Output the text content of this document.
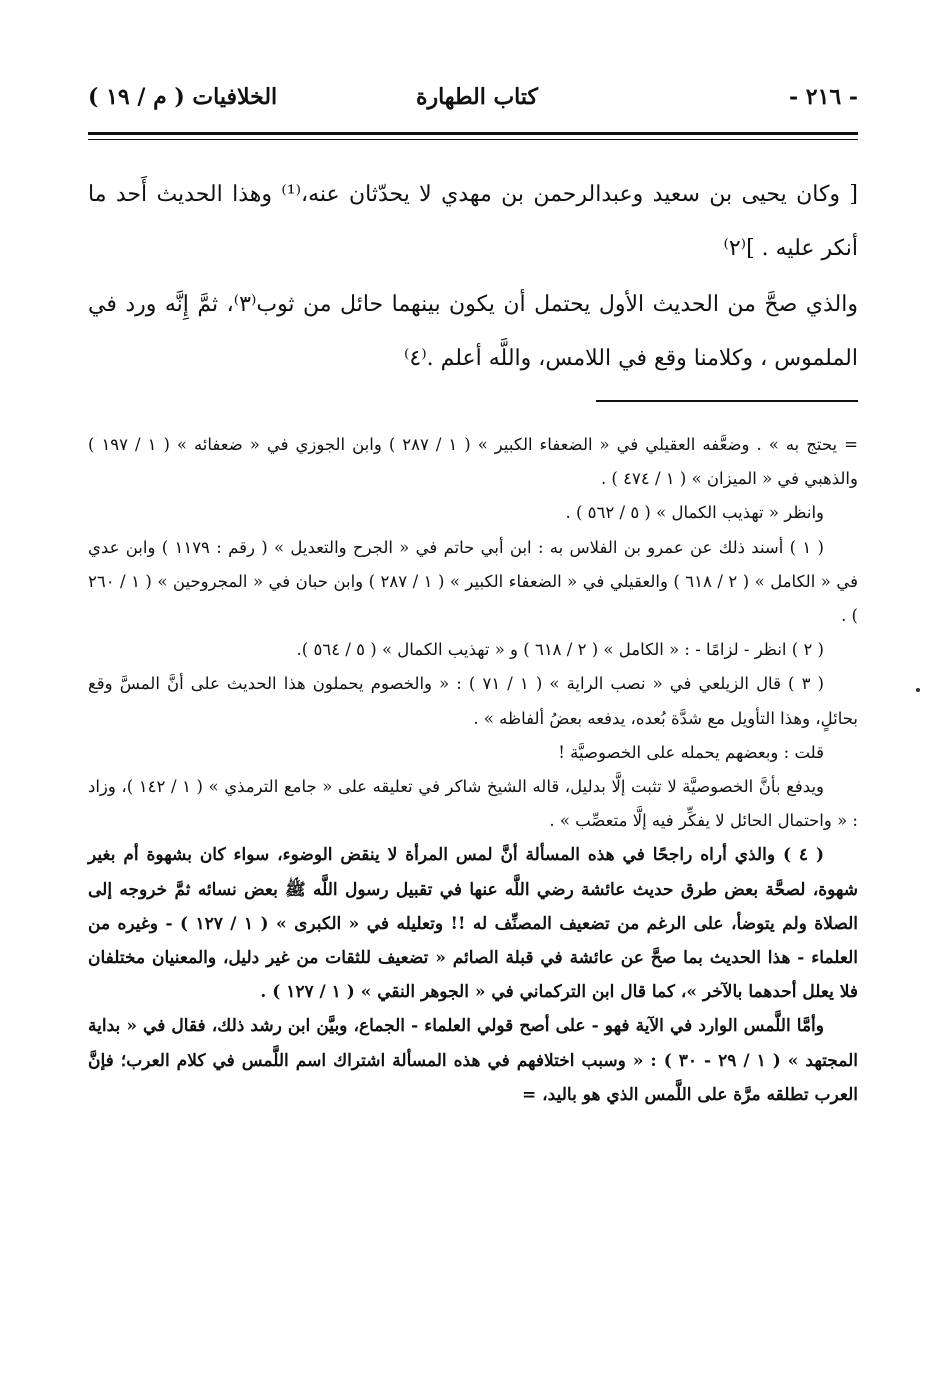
- ٢١٦ -
كتاب الطهارة
الخلافيات ( م / ١٩ )

[ وكان يحيى بن سعيد وعبدالرحمن بن مهدي لا يحدّثان عنه،⁽¹⁾ وهذا الحديث أَحد ما أنكر عليه . ]⁽٢⁾

والذي صحَّ من الحديث الأول يحتمل أن يكون بينهما حائل من ثوب⁽٣⁾، ثمَّ إِنَّه ورد في الملموس ، وكلامنا وقع في اللامس، واللَّه أعلم .⁽٤⁾

= يحتج به » . وضعَّفه العقيلي في « الضعفاء الكبير » ( ١ / ٢٨٧ ) وابن الجوزي في « ضعفائه » ( ١ / ١٩٧ ) والذهبي في « الميزان » ( ١ / ٤٧٤ ) .

وانظر « تهذيب الكمال » ( ٥ / ٥٦٢ ) .

( ١ ) أسند ذلك عن عمرو بن الفلاس به : ابن أبي حاتم في « الجرح والتعديل » ( رقم : ١١٧٩ ) وابن عدي في « الكامل » ( ٢ / ٦١٨ ) والعقيلي في « الضعفاء الكبير » ( ١ / ٢٨٧ ) وابن حبان في « المجروحين » ( ١ / ٢٦٠ ) .

( ٢ ) انظر - لزامًا - : « الكامل » ( ٢ / ٦١٨ ) و « تهذيب الكمال » ( ٥ / ٥٦٤ ).

( ٣ ) قال الزيلعي في « نصب الراية » ( ١ / ٧١ ) : « والخصوم يحملون هذا الحديث على أنَّ المسَّ وقع بحائلٍ، وهذا التأويل مع شدَّة بُعده، يدفعه بعضُ ألفاظه » .

قلت : وبعضهم يحمله على الخصوصيَّة !

ويدفع بأنَّ الخصوصيَّة لا تثبت إلَّا بدليل، قاله الشيخ شاكر في تعليقه على « جامع الترمذي » ( ١ / ١٤٢ )، وزاد : « واحتمال الحائل لا يفكِّر فيه إلَّا متعصِّب » .

( ٤ ) والذي أراه راجحًا في هذه المسألة أنَّ لمس المرأة لا ينقض الوضوء، سواء كان بشهوة أم بغير شهوة، لصحَّة بعض طرق حديث عائشة رضي اللَّه عنها في تقبيل رسول اللَّه ﷺ بعض نسائه ثمَّ خروجه إلى الصلاة ولم يتوضأ، على الرغم من تضعيف المصنِّف له !! وتعليله في « الكبرى » ( ١ / ١٢٧ ) - وغيره من العلماء - هذا الحديث بما صحَّ عن عائشة في قبلة الصائم « تضعيف للثقات من غير دليل، والمعنيان مختلفان فلا يعلل أحدهما بالآخر »، كما قال ابن التركماني في « الجوهر النقي » ( ١ / ١٢٧ ) .

وأمَّا اللَّمس الوارد في الآية فهو - على أصح قولي العلماء - الجماع، وبيَّن ابن رشد ذلك، فقال في « بداية المجتهد » ( ١ / ٢٩ - ٣٠ ) : « وسبب اختلافهم في هذه المسألة اشتراك اسم اللَّمس في كلام العرب؛ فإنَّ العرب تطلقه مرَّة على اللَّمس الذي هو باليد، =
